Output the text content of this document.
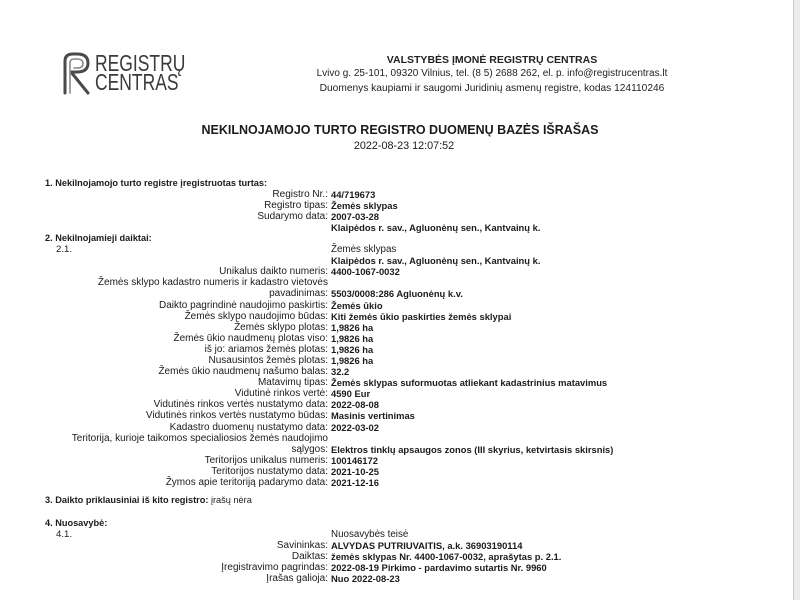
REGISTRŲ
CENTRAS
VALSTYBĖS ĮMONĖ REGISTRŲ CENTRAS
Lvivo g. 25-101, 09320 Vilnius, tel. (8 5) 2688 262, el. p. info@registrucentras.lt
Duomenys kaupiami ir saugomi Juridinių asmenų registre, kodas 124110246
NEKILNOJAMOJO TURTO REGISTRO DUOMENŲ BAZĖS IŠRAŠAS
2022-08-23 12:07:52
1. Nekilnojamojo turto registre įregistruotas turtas:
Registro Nr.: 44/719673
Registro tipas: Žemės sklypas
Sudarymo data: 2007-03-28
Klaipėdos r. sav., Agluonėnų sen., Kantvainų k.
2. Nekilnojamieji daiktai:
2.1.	Žemės sklypas
Klaipėdos r. sav., Agluonėnų sen., Kantvainų k.
Unikalus daikto numeris: 4400-1067-0032
Žemės sklypo kadastro numeris ir kadastro vietovės
pavadinimas: 5503/0008:286 Agluonėnų k.v.
Daikto pagrindinė naudojimo paskirtis: Žemės ūkio
Žemės sklypo naudojimo būdas: Kiti žemės ūkio paskirties žemės sklypai
Žemės sklypo plotas: 1,9826 ha
Žemės ūkio naudmenų plotas viso: 1,9826 ha
iš jo: ariamos žemės plotas: 1,9826 ha
Nusausintos žemės plotas: 1,9826 ha
Žemės ūkio naudmenų našumo balas: 32.2
Matavimų tipas: Žemės sklypas suformuotas atliekant kadastrinius matavimus
Vidutinė rinkos vertė: 4590 Eur
Vidutinės rinkos vertės nustatymo data: 2022-08-08
Vidutinės rinkos vertės nustatymo būdas: Masinis vertinimas
Kadastro duomenų nustatymo data: 2022-03-02
Teritorija, kurioje taikomos specialiosios žemės naudojimo
sąlygos: Elektros tinklų apsaugos zonos (III skyrius, ketvirtasis skirsnis)
Teritorijos unikalus numeris: 100146172
Teritorijos nustatymo data: 2021-10-25
Žymos apie teritoriją padarymo data: 2021-12-16
3. Daikto priklausiniai iš kito registro: įrašų nėra
4. Nuosavybė:
4.1.	Nuosavybės teisė
Savininkas: ALVYDAS PUTRIUVAITIS, a.k. 36903190114
Daiktas: žemės sklypas Nr. 4400-1067-0032, aprašytas p. 2.1.
Įregistravimo pagrindas: 2022-08-19 Pirkimo - pardavimo sutartis Nr. 9960
Įrašas galioja: Nuo 2022-08-23
